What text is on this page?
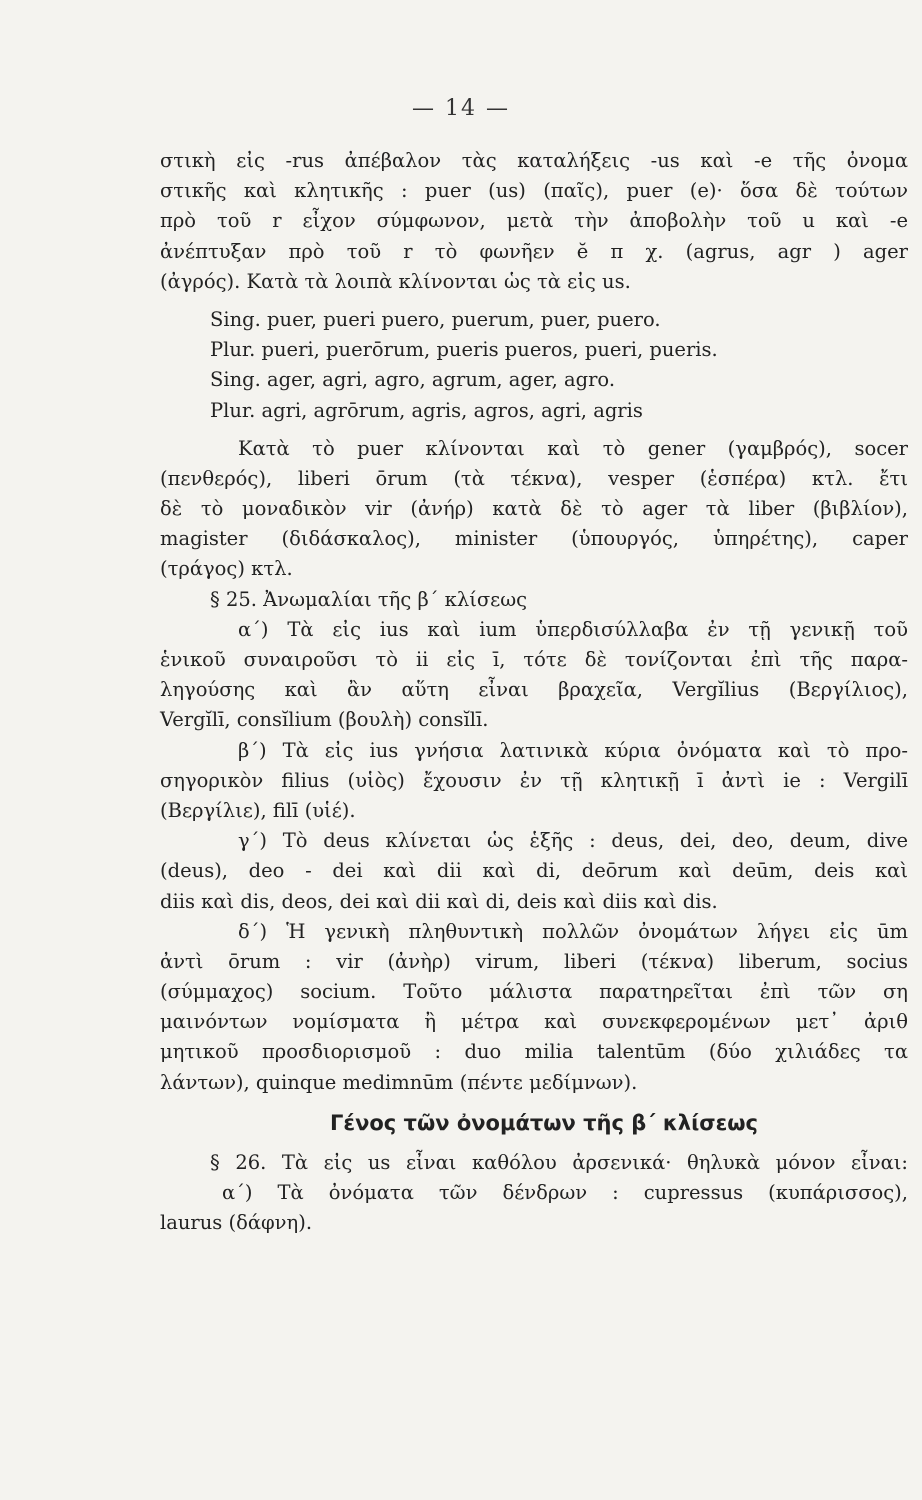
— 14 —
στικὴ εἰς -rus ἀπέβαλον τὰς καταλήξεις -us καὶ -e τῆς ὀνομα
στικῆς καὶ κλητικῆς : puer (us) (παῖς), puer (e)· ὅσα δὲ τούτων
πρὸ τοῦ r εἶχον σύμφωνον, μετὰ τὴν ἀποβολὴν τοῦ u καὶ -e
ἀνέπτυξαν πρὸ τοῦ r τὸ φωνῆεν ĕ π χ. (agrus, agr ) ager
(ἀγρός). Κατὰ τὰ λοιπὰ κλίνονται ὡς τὰ εἰς us.
Sing. puer, pueri puero, puerum, puer, puero.
Plur. pueri, puerōrum, pueris pueros, pueri, pueris.
Sing. ager, agri, agro, agrum, ager, agro.
Plur. agri, agrōrum, agris, agros, agri, agris
Κατὰ τὸ puer κλίνονται καὶ τὸ gener (γαμβρός), socer
(πενθερός), liberi ōrum (τὰ τέκνα), vesper (ἑσπέρα) κτλ. ἔτι
δὲ τὸ μοναδικὸν vir (ἀνήρ) κατὰ δὲ τὸ ager τὰ liber (βιβλίον),
magister (διδάσκαλος), minister (ὑπουργός, ὑπηρέτης), caper
(τράγος) κτλ.
§ 25. Ἀνωμαλίαι τῆς β΄ κλίσεως
α΄) Τὰ εἰς ius καὶ ium ὑπερδισύλλαβα ἐν τῇ γενικῇ τοῦ
ἑνικοῦ συναιροῦσι τὸ ii εἰς ī, τότε δὲ τονίζονται ἐπὶ τῆς παρα-
ληγούσης καὶ ἂν αὕτη εἶναι βραχεῖα, Vergĭlius (Βεργίλιος),
Vergĭlī, consĭlium (βουλὴ) consĭlī.
β΄) Τὰ εἰς ius γνήσια λατινικὰ κύρια ὀνόματα καὶ τὸ προ-
σηγορικὸν filius (υἱὸς) ἔχουσιν ἐν τῇ κλητικῇ ī ἀντὶ ie : Vergilī
(Βεργίλιε), filī (υἱέ).
γ΄) Τὸ deus κλίνεται ὡς ἑξῆς : deus, dei, deo, deum, dive
(deus), deo - dei καὶ dii καὶ di, deōrum καὶ deūm, deis καὶ
diis καὶ dis, deos, dei καὶ dii καὶ di, deis καὶ diis καὶ dis.
δ΄) Ἡ γενικὴ πληθυντικὴ πολλῶν ὀνομάτων λήγει εἰς ūm
ἀντὶ ōrum : vir (ἀνὴρ) virum, liberi (τέκνα) liberum, socius
(σύμμαχος) socium. Τοῦτο μάλιστα παρατηρεῖται ἐπὶ τῶν ση
μαινόντων νομίσματα ἢ μέτρα καὶ συνεκφερομένων μετ᾽ ἀριθ
μητικοῦ προσδιορισμοῦ : duo milia talentūm (δύο χιλιάδες τα
λάντων), quinque medimnūm (πέντε μεδίμνων).
Γένος τῶν ὀνομάτων τῆς β΄ κλίσεως
§ 26. Τὰ εἰς us εἶναι καθόλου ἀρσενικά· θηλυκὰ μόνον εἶναι:
α΄) Τὰ ὀνόματα τῶν δένδρων : cupressus (κυπάρισσος),
laurus (δάφνη).
